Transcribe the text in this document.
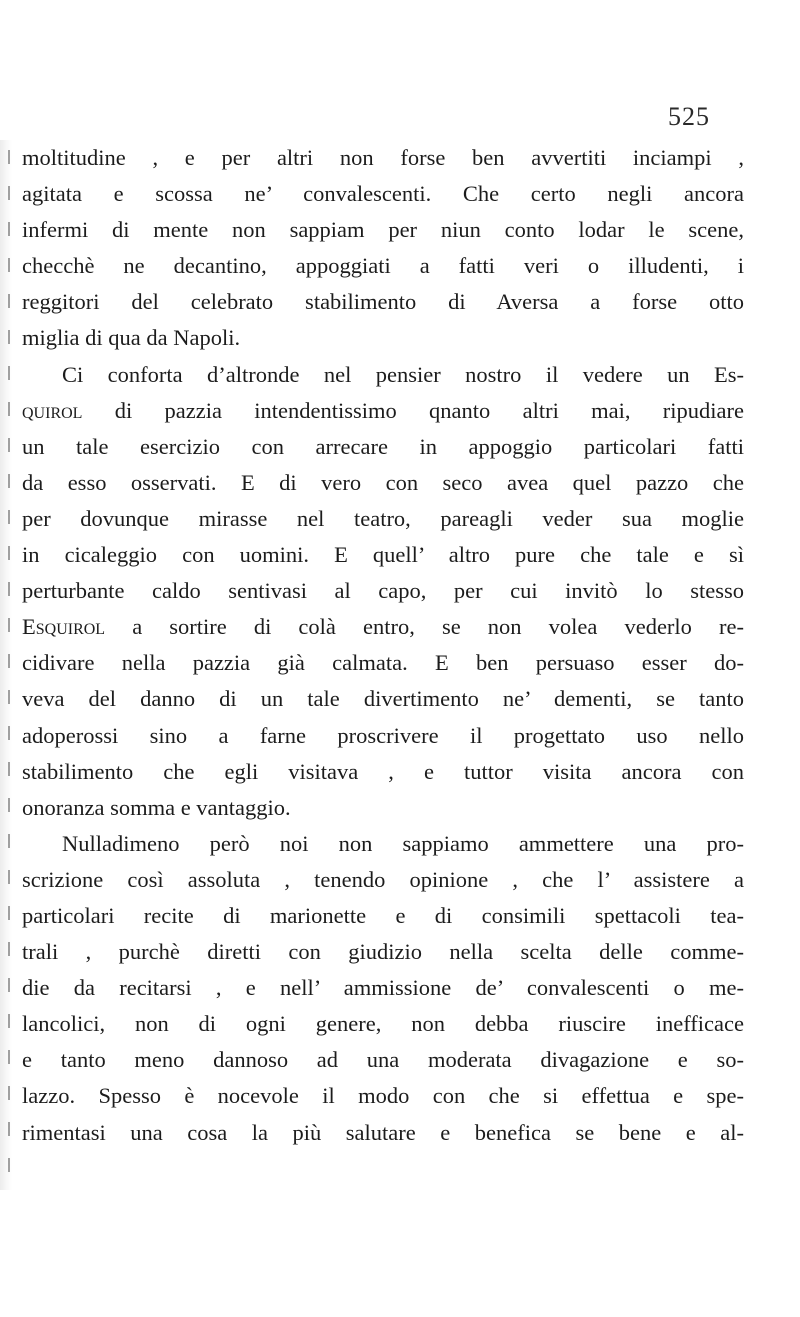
525
moltitudine , e per altri non forse ben avvertiti inciampi ,
agitata e scossa ne’ convalescenti. Che certo negli ancora
infermi di mente non sappiam per niun conto lodar le scene,
checchè ne decantino, appoggiati a fatti veri o illudenti, i
reggitori del celebrato stabilimento di Aversa a forse otto
miglia di qua da Napoli.
Ci conforta d’altronde nel pensier nostro il vedere un Es-
quirol di pazzia intendentissimo qnanto altri mai, ripudiare
un tale esercizio con arrecare in appoggio particolari fatti
da esso osservati. E di vero con seco avea quel pazzo che
per dovunque mirasse nel teatro, pareagli veder sua moglie
in cicaleggio con uomini. E quell’ altro pure che tale e sì
perturbante caldo sentivasi al capo, per cui invitò lo stesso
Esquirol a sortire di colà entro, se non volea vederlo re-
cidivare nella pazzia già calmata. E ben persuaso esser do-
veva del danno di un tale divertimento ne’ dementi, se tanto
adoperossi sino a farne proscrivere il progettato uso nello
stabilimento che egli visitava , e tuttor visita ancora con
onoranza somma e vantaggio.
Nulladimeno però noi non sappiamo ammettere una pro-
scrizione così assoluta , tenendo opinione , che l’ assistere a
particolari recite di marionette e di consimili spettacoli tea-
trali , purchè diretti con giudizio nella scelta delle comme-
die da recitarsi , e nell’ ammissione de’ convalescenti o me-
lancolici, non di ogni genere, non debba riuscire inefficace
e tanto meno dannoso ad una moderata divagazione e so-
lazzo. Spesso è nocevole il modo con che si effettua e spe-
rimentasi una cosa la più salutare e benefica se bene e al-
